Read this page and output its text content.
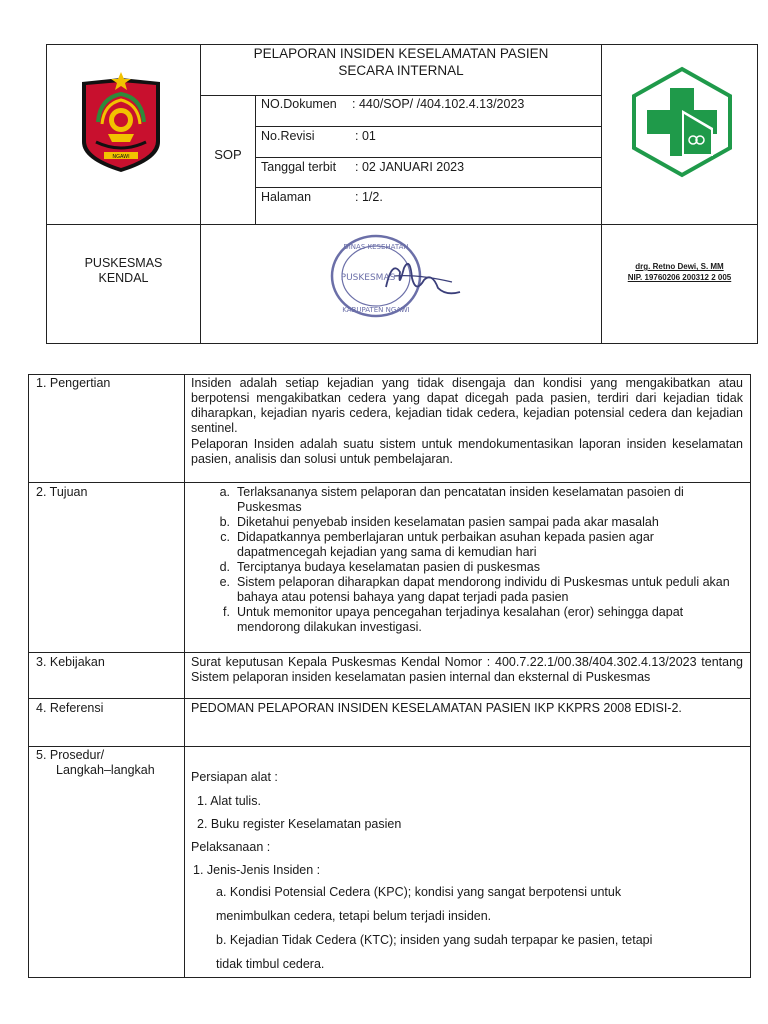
NGAWI
PELAPORAN INSIDEN KESELAMATAN PASIEN
SECARA INTERNAL
SOP
NO.Dokumen : 440/SOP/ /404.102.4.13/2023
No.Revisi	: 01
Tanggal terbit : 02 JANUARI 2023
Halaman	: 1/2.
PUSKESMAS
KENDAL
DINAS KESEHATAN
PUSKESMAS
KABUPATEN NGAWI
drg. Retno Dewi, S. MM
NIP. 19760206 200312 2 005
1. Pengertian	Insiden adalah setiap kejadian yang tidak disengaja dan kondisi yang mengakibatkan atau berpotensi mengakibatkan cedera yang dapat dicegah pada pasien, terdiri dari kejadian tidak diharapkan, kejadian nyaris cedera, kejadian tidak cedera, kejadian potensial cedera dan kejadian sentinel.
Pelaporan Insiden adalah suatu sistem untuk mendokumentasikan laporan insiden keselamatan pasien, analisis dan solusi untuk pembelajaran.
2. Tujuan	a. Terlaksananya sistem pelaporan dan pencatatan insiden keselamatan pasoien di Puskesmas
b. Diketahui penyebab insiden keselamatan pasien sampai pada akar masalah
c. Didapatkannya pemberlajaran untuk perbaikan asuhan kepada pasien agar dapatmencegah kejadian yang sama di kemudian hari
d. Terciptanya budaya keselamatan pasien di puskesmas
e. Sistem pelaporan diharapkan dapat mendorong individu di Puskesmas untuk peduli akan bahaya atau potensi bahaya yang dapat terjadi pada pasien
f. Untuk memonitor upaya pencegahan terjadinya kesalahan (eror) sehingga dapat mendorong dilakukan investigasi.
3. Kebijakan	Surat keputusan Kepala Puskesmas Kendal Nomor : 400.7.22.1/00.38/404.302.4.13/2023 tentang Sistem pelaporan insiden keselamatan pasien internal dan eksternal di Puskesmas
4. Referensi	PEDOMAN PELAPORAN INSIDEN KESELAMATAN PASIEN IKP KKPRS 2008 EDISI-2.
5. Prosedur/
Langkah–langkah	Persiapan alat :
1. Alat tulis.
2. Buku register Keselamatan pasien
Pelaksanaan :
1. Jenis-Jenis Insiden :
a. Kondisi Potensial Cedera (KPC); kondisi yang sangat berpotensi untuk
menimbulkan cedera, tetapi belum terjadi insiden.
b. Kejadian Tidak Cedera (KTC); insiden yang sudah terpapar ke pasien, tetapi
tidak timbul cedera.
